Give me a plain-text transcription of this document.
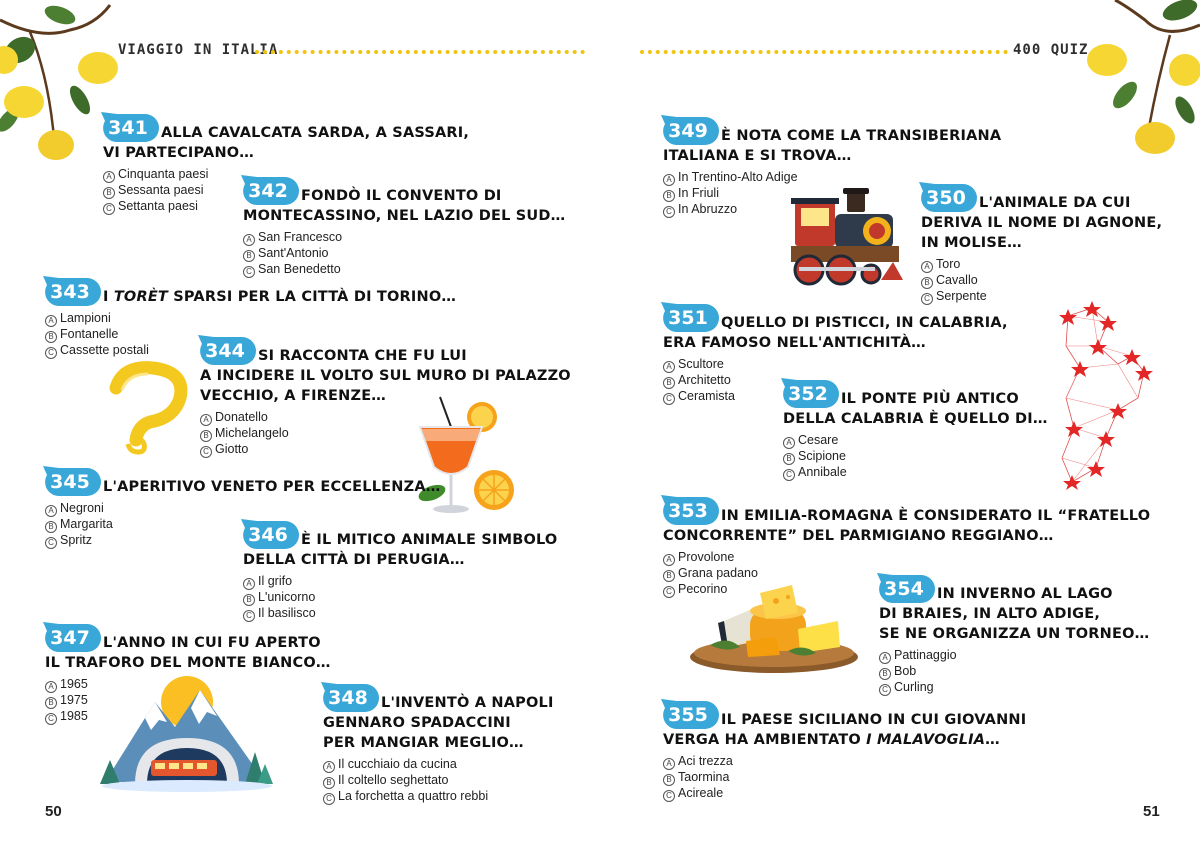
VIAGGIO IN ITALIA	400 QUIZ
50	51
341 ALLA CAVALCATA SARDA, A SASSARI,
VI PARTECIPANO…
A Cinquanta paesi
B Sessanta paesi
C Settanta paesi
342 FONDÒ IL CONVENTO DI
MONTECASSINO, NEL LAZIO DEL SUD…
A San Francesco
B Sant'Antonio
C San Benedetto
343 I TORÈT SPARSI PER LA CITTÀ DI TORINO…
A Lampioni
B Fontanelle
C Cassette postali	344 SI RACCONTA CHE FU LUI
A INCIDERE IL VOLTO SUL MURO DI PALAZZO
VECCHIO, A FIRENZE…
A Donatello
B Michelangelo
C Giotto
345 L'APERITIVO VENETO PER ECCELLENZA…
A Negroni
B Margarita
C Spritz	346 È IL MITICO ANIMALE SIMBOLO
DELLA CITTÀ DI PERUGIA…
A Il grifo
B L'unicorno
C Il basilisco
347 L'ANNO IN CUI FU APERTO
IL TRAFORO DEL MONTE BIANCO…
A 1965
B 1975
C 1985
348 L'INVENTÒ A NAPOLI
GENNARO SPADACCINI
PER MANGIAR MEGLIO…
A Il cucchiaio da cucina
B Il coltello seghettato
C La forchetta a quattro rebbi
349 È NOTA COME LA TRANSIBERIANA
ITALIANA E SI TROVA…
A In Trentino-Alto Adige
B In Friuli
C In Abruzzo	350 L'ANIMALE DA CUI
DERIVA IL NOME DI AGNONE,
IN MOLISE…
A Toro
B Cavallo
C Serpente
351 QUELLO DI PISTICCI, IN CALABRIA,
ERA FAMOSO NELL'ANTICHITÀ…
A Scultore
B Architetto
C Ceramista	352 IL PONTE PIÙ ANTICO
DELLA CALABRIA È QUELLO DI…
A Cesare
B Scipione
C Annibale
353 IN EMILIA-ROMAGNA È CONSIDERATO IL “FRATELLO
CONCORRENTE” DEL PARMIGIANO REGGIANO…
A Provolone
B Grana padano
C Pecorino	354 IN INVERNO AL LAGO
DI BRAIES, IN ALTO ADIGE,
SE NE ORGANIZZA UN TORNEO…
A Pattinaggio
B Bob
C Curling
355 IL PAESE SICILIANO IN CUI GIOVANNI
VERGA HA AMBIENTATO I MALAVOGLIA…
A Aci trezza
B Taormina
C Acireale
